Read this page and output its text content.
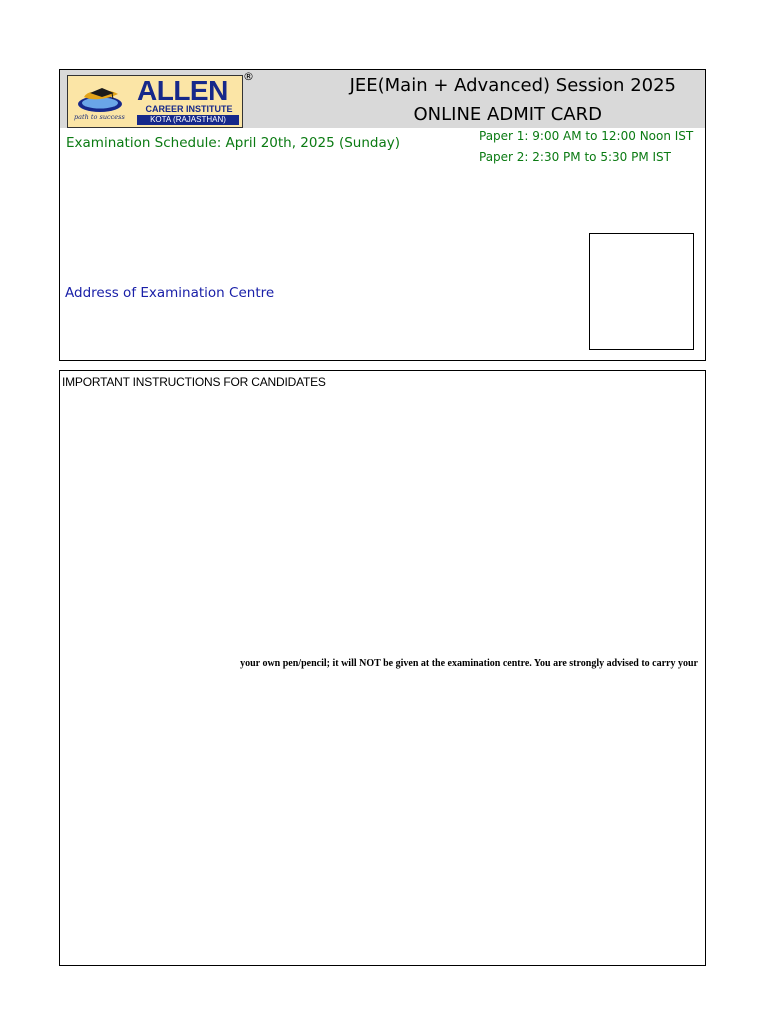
path to success
ALLEN
CAREER INSTITUTE
KOTA (RAJASTHAN)
®	JEE(Main + Advanced) Session 2025
ONLINE ADMIT CARD
Examination Schedule: April 20th, 2025 (Sunday)	Paper 1: 9:00 AM to 12:00 Noon IST
Paper 2: 2:30 PM to 5:30 PM IST
Address of Examination Centre
IMPORTANT INSTRUCTIONS FOR CANDIDATES
your own pen/pencil; it will NOT be given at the examination centre. You are strongly advised to carry your
